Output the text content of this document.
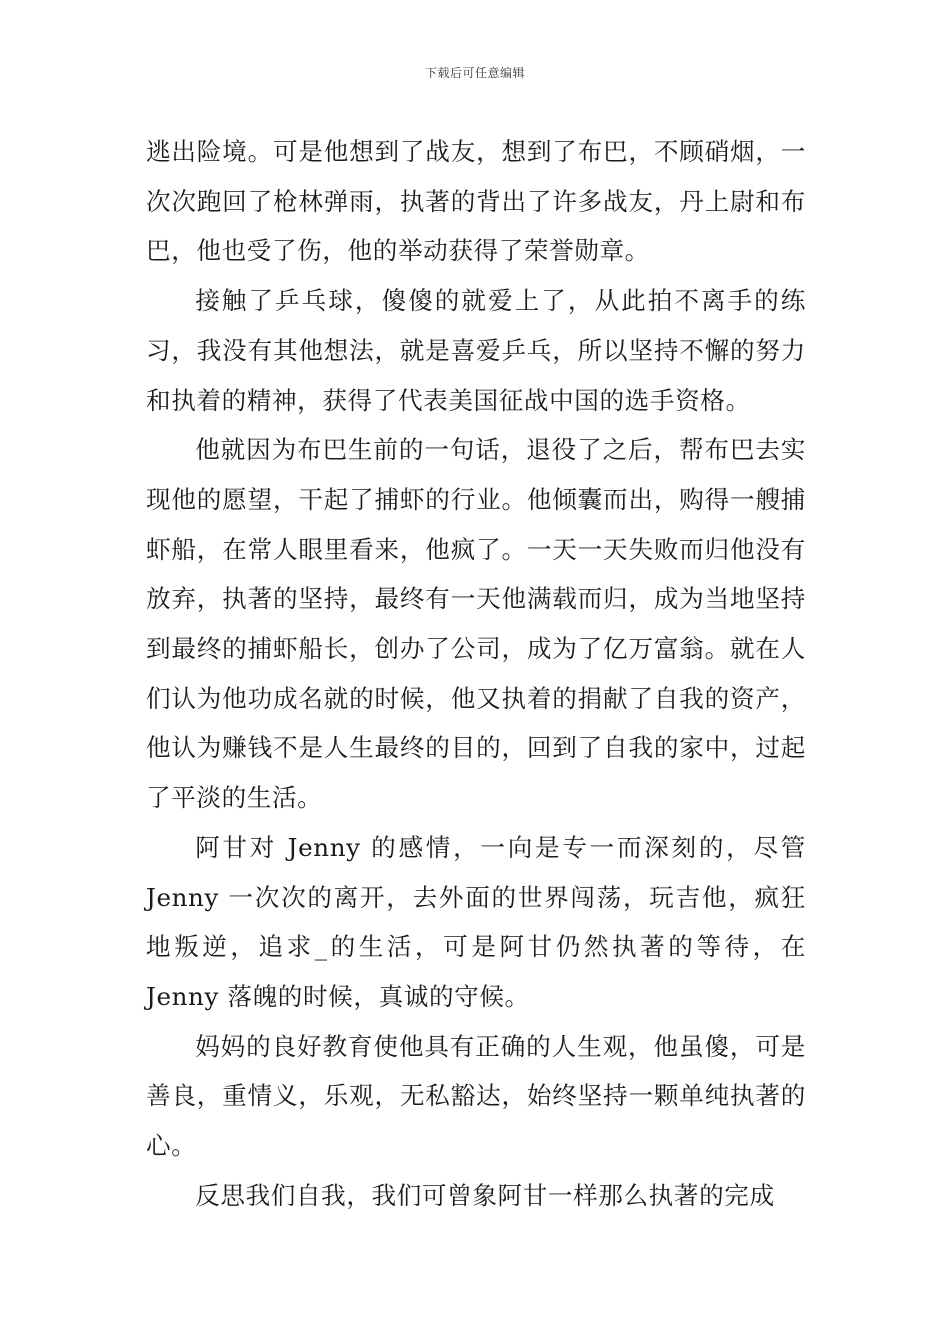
下载后可任意编辑

逃出险境。可是他想到了战友，想到了布巴，不顾硝烟，一次次跑回了枪林弹雨，执著的背出了许多战友，丹上尉和布巴，他也受了伤，他的举动获得了荣誉勋章。

接触了乒乓球，傻傻的就爱上了，从此拍不离手的练习，我没有其他想法，就是喜爱乒乓，所以坚持不懈的努力和执着的精神，获得了代表美国征战中国的选手资格。

他就因为布巴生前的一句话，退役了之后，帮布巴去实现他的愿望，干起了捕虾的行业。他倾囊而出，购得一艘捕虾船，在常人眼里看来，他疯了。一天一天失败而归他没有放弃，执著的坚持，最终有一天他满载而归，成为当地坚持到最终的捕虾船长，创办了公司，成为了亿万富翁。就在人们认为他功成名就的时候，他又执着的捐献了自我的资产，他认为赚钱不是人生最终的目的，回到了自我的家中，过起了平淡的生活。

阿甘对 Jenny 的感情，一向是专一而深刻的，尽管 Jenny 一次次的离开，去外面的世界闯荡，玩吉他，疯狂地叛逆，追求_的生活，可是阿甘仍然执著的等待，在 Jenny 落魄的时候，真诚的守候。

妈妈的良好教育使他具有正确的人生观，他虽傻，可是善良，重情义，乐观，无私豁达，始终坚持一颗单纯执著的心。

反思我们自我，我们可曾象阿甘一样那么执著的完成
